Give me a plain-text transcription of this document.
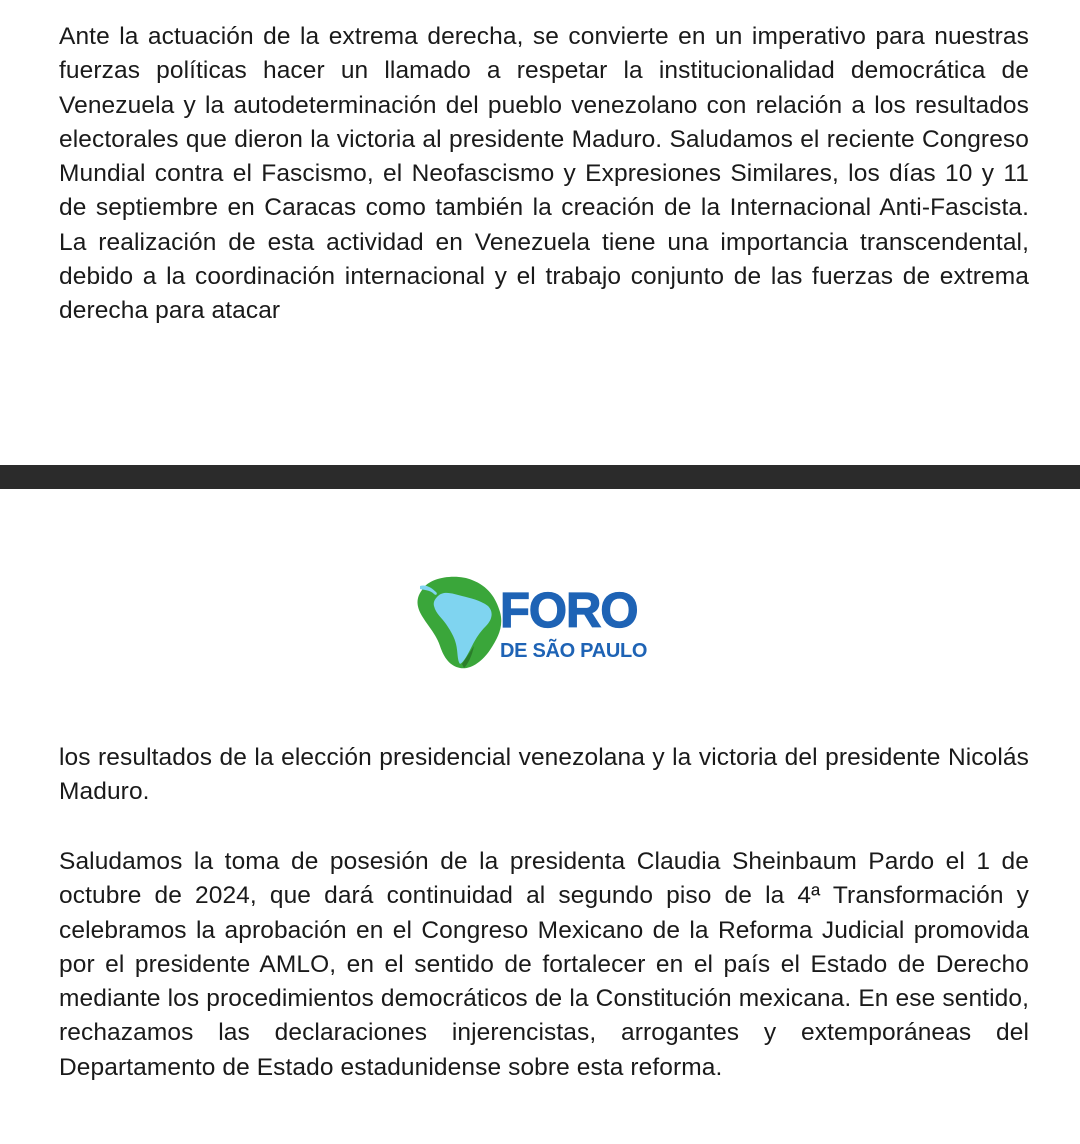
Ante la actuación de la extrema derecha, se convierte en un imperativo para nuestras fuerzas políticas hacer un llamado a respetar la institucionalidad democrática de Venezuela y la autodeterminación del pueblo venezolano con relación a los resultados electorales que dieron la victoria al presidente Maduro. Saludamos el reciente Congreso Mundial contra el Fascismo, el Neofascismo y Expresiones Similares, los días 10 y 11 de septiembre en Caracas como también la creación de la Internacional Anti-Fascista. La realización de esta actividad en Venezuela tiene una importancia transcendental, debido a la coordinación internacional y el trabajo conjunto de las fuerzas de extrema derecha para atacar

FORO
DE SÃO PAULO

los resultados de la elección presidencial venezolana y la victoria del presidente Nicolás Maduro.

Saludamos la toma de posesión de la presidenta Claudia Sheinbaum Pardo el 1 de octubre de 2024, que dará continuidad al segundo piso de la 4ª Transformación y celebramos la aprobación en el Congreso Mexicano de la Reforma Judicial promovida por el presidente AMLO, en el sentido de fortalecer en el país el Estado de Derecho mediante los procedimientos democráticos de la Constitución mexicana. En ese sentido, rechazamos las declaraciones injerencistas, arrogantes y extemporáneas del Departamento de Estado estadunidense sobre esta reforma.
